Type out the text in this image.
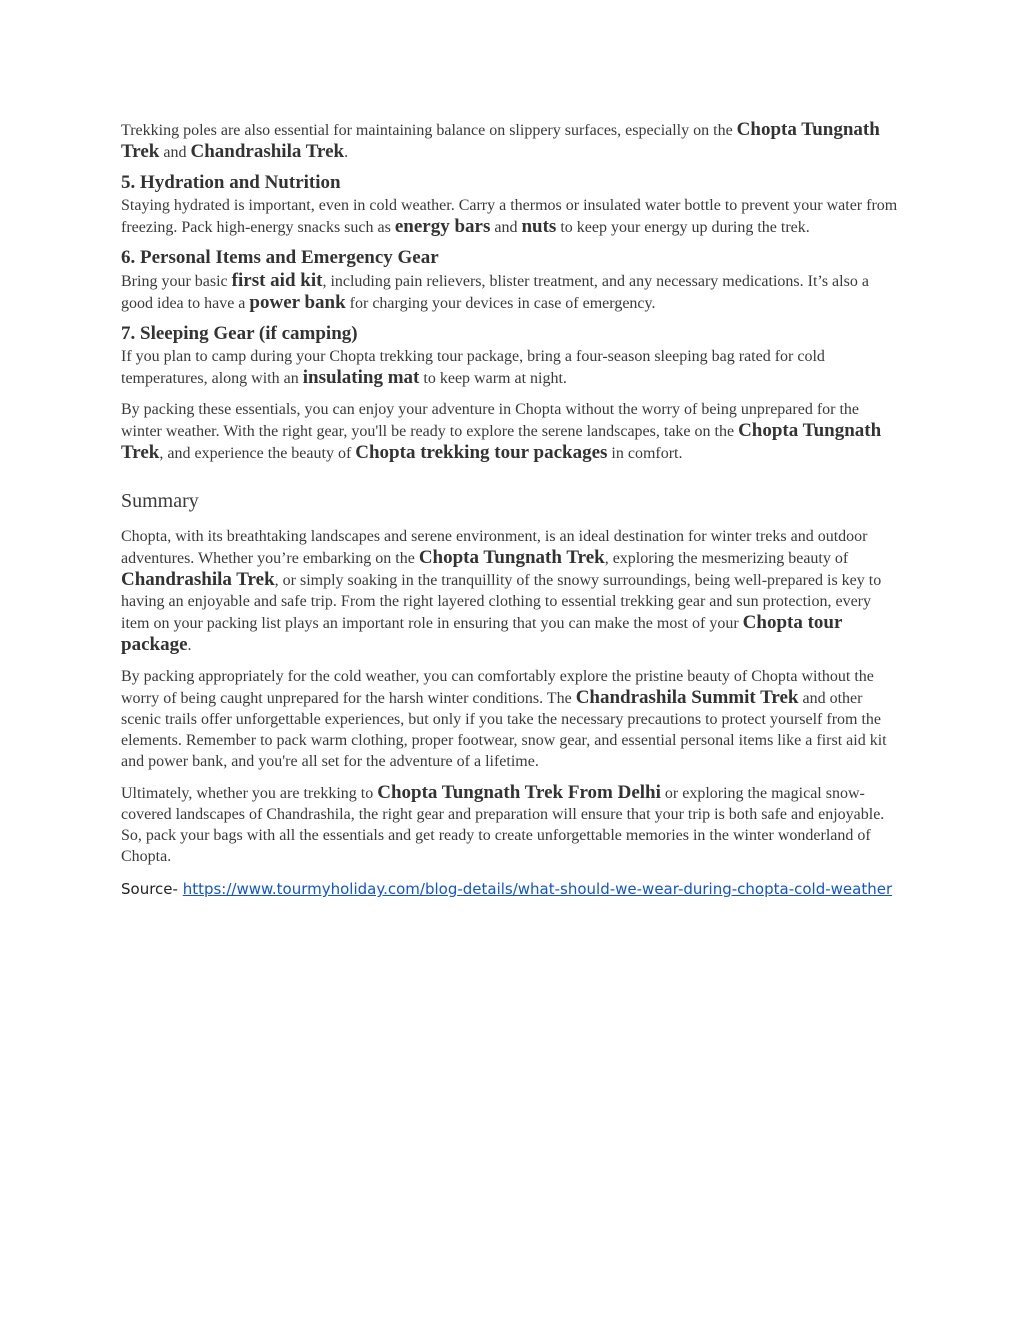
Trekking poles are also essential for maintaining balance on slippery surfaces, especially on the Chopta Tungnath Trek and Chandrashila Trek.

5. Hydration and Nutrition

Staying hydrated is important, even in cold weather. Carry a thermos or insulated water bottle to prevent your water from freezing. Pack high-energy snacks such as energy bars and nuts to keep your energy up during the trek.

6. Personal Items and Emergency Gear

Bring your basic first aid kit, including pain relievers, blister treatment, and any necessary medications. It’s also a good idea to have a power bank for charging your devices in case of emergency.

7. Sleeping Gear (if camping)

If you plan to camp during your Chopta trekking tour package, bring a four-season sleeping bag rated for cold temperatures, along with an insulating mat to keep warm at night.

By packing these essentials, you can enjoy your adventure in Chopta without the worry of being unprepared for the winter weather. With the right gear, you'll be ready to explore the serene landscapes, take on the Chopta Tungnath Trek, and experience the beauty of Chopta trekking tour packages in comfort.

Summary

Chopta, with its breathtaking landscapes and serene environment, is an ideal destination for winter treks and outdoor adventures. Whether you’re embarking on the Chopta Tungnath Trek, exploring the mesmerizing beauty of Chandrashila Trek, or simply soaking in the tranquillity of the snowy surroundings, being well-prepared is key to having an enjoyable and safe trip. From the right layered clothing to essential trekking gear and sun protection, every item on your packing list plays an important role in ensuring that you can make the most of your Chopta tour package.

By packing appropriately for the cold weather, you can comfortably explore the pristine beauty of Chopta without the worry of being caught unprepared for the harsh winter conditions. The Chandrashila Summit Trek and other scenic trails offer unforgettable experiences, but only if you take the necessary precautions to protect yourself from the elements. Remember to pack warm clothing, proper footwear, snow gear, and essential personal items like a first aid kit and power bank, and you're all set for the adventure of a lifetime.

Ultimately, whether you are trekking to Chopta Tungnath Trek From Delhi or exploring the magical snow-covered landscapes of Chandrashila, the right gear and preparation will ensure that your trip is both safe and enjoyable. So, pack your bags with all the essentials and get ready to create unforgettable memories in the winter wonderland of Chopta.

Source- https://www.tourmyholiday.com/blog-details/what-should-we-wear-during-chopta-cold-weather
